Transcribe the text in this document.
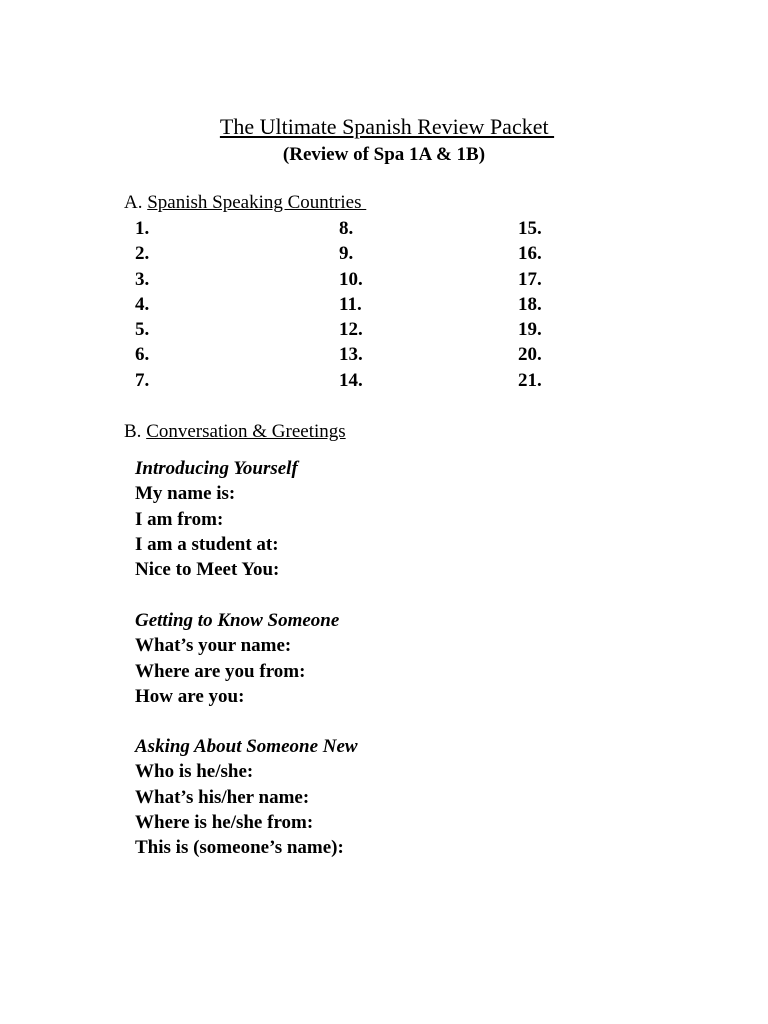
The Ultimate Spanish Review Packet
(Review of Spa 1A & 1B)
A. Spanish Speaking Countries
1.
2.
3.
4.
5.
6.
7.
8.
9.
10.
11.
12.
13.
14.
15.
16.
17.
18.
19.
20.
21.
B. Conversation & Greetings
Introducing Yourself
My name is:
I am from:
I am a student at:
Nice to Meet You:
Getting to Know Someone
What’s your name:
Where are you from:
How are you:
Asking About Someone New
Who is he/she:
What’s his/her name:
Where is he/she from:
This is (someone’s name):
